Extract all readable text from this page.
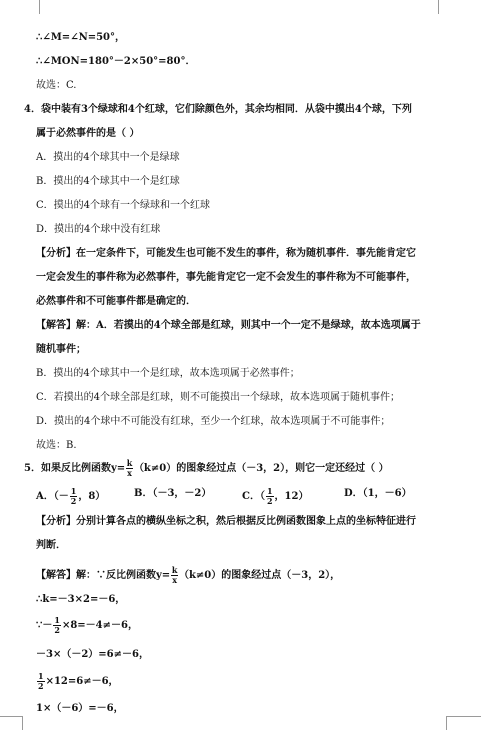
∴∠M=∠N=50°，
∴∠MON=180°－2×50°=80°．
故选：C.
4．袋中装有3个绿球和4个红球，它们除颜色外，其余均相同．从袋中摸出4个球，下列
属于必然事件的是（ ）
A．摸出的4个球其中一个是绿球
B．摸出的4个球其中一个是红球
C．摸出的4个球有一个绿球和一个红球
D．摸出的4个球中没有红球
【分析】在一定条件下，可能发生也可能不发生的事件，称为随机事件．事先能肯定它
一定会发生的事件称为必然事件，事先能肯定它一定不会发生的事件称为不可能事件，
必然事件和不可能事件都是确定的．
【解答】解：A．若摸出的4个球全部是红球，则其中一个一定不是绿球，故本选项属于
随机事件；
B．摸出的4个球其中一个是红球，故本选项属于必然事件；
C．若摸出的4个球全部是红球，则不可能摸出一个绿球，故本选项属于随机事件；
D．摸出的4个球中不可能没有红球，至少一个红球，故本选项属于不可能事件；
故选：B.
5．如果反比例函数$y= \frac{k}{x} (k\ne 0)$的图象经过点（－3，2），则它一定还经过（ ）
A．（－ $\frac{1}{2}$ ，8）	B．（－3，－2）	C．（ $\frac{1}{2}$ ，12）	D．（1，－6）
【分析】分别计算各点的横纵坐标之积，然后根据反比例函数图象上点的坐标特征进行
判断．
【解答】解：∵反比例函数$y= \frac{k}{x} (k\ne 0)$的图象经过点（－3，2），
∴k=－3×2=－6，
∵－ $\frac{1}{2} \times 8=-4\ne-6$，
－3×（－2）=6≠－6，
$\frac{1}{2} \times 12=6\ne-6$，
1×（－6）=－6，
